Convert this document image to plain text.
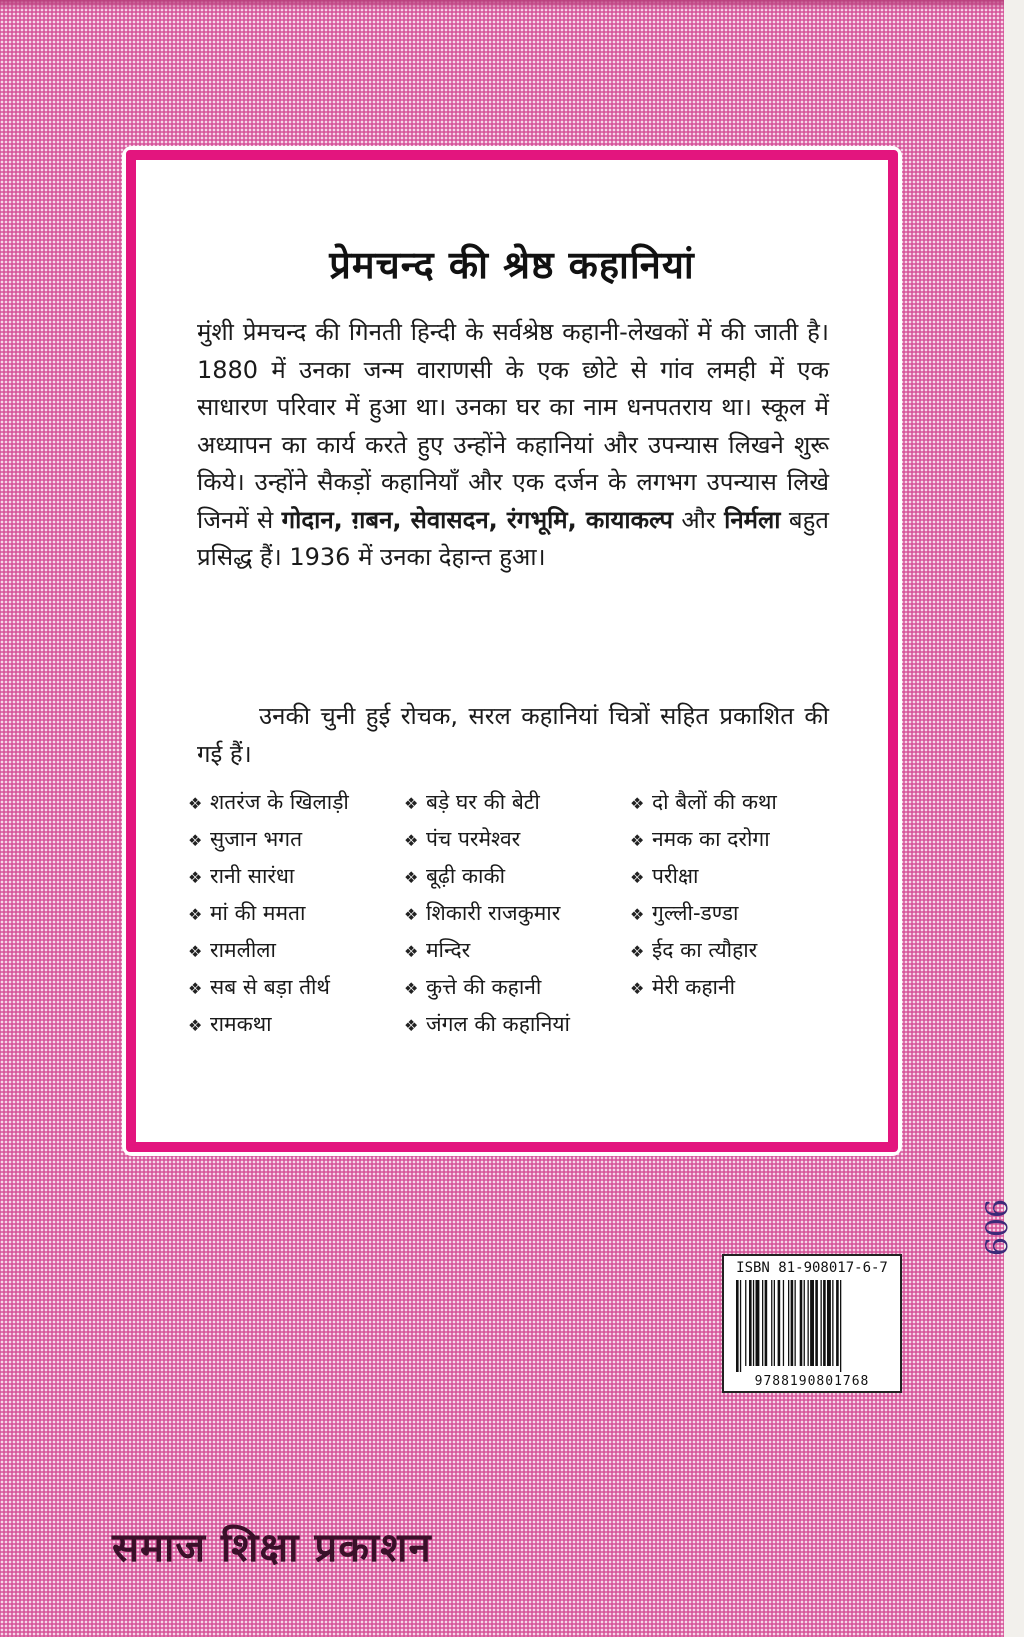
प्रेमचन्द की श्रेष्ठ कहानियां

मुंशी प्रेमचन्द की गिनती हिन्दी के सर्वश्रेष्ठ कहानी-लेखकों में की जाती है। 1880 में उनका जन्म वाराणसी के एक छोटे से गांव लमही में एक साधारण परिवार में हुआ था। उनका घर का नाम धनपतराय था। स्कूल में अध्यापन का कार्य करते हुए उन्होंने कहानियां और उपन्यास लिखने शुरू किये। उन्होंने सैकड़ों कहानियाँ और एक दर्जन के लगभग उपन्यास लिखे जिनमें से गोदान, ग़बन, सेवासदन, रंगभूमि, कायाकल्प और निर्मला बहुत प्रसिद्ध हैं। 1936 में उनका देहान्त हुआ।

उनकी चुनी हुई रोचक, सरल कहानियां चित्रों सहित प्रकाशित की गई हैं।

❖ शतरंज के खिलाड़ी
❖ सुजान भगत
❖ रानी सारंधा
❖ मां की ममता
❖ रामलीला
❖ सब से बड़ा तीर्थ
❖ रामकथा
❖ बड़े घर की बेटी
❖ पंच परमेश्वर
❖ बूढ़ी काकी
❖ शिकारी राजकुमार
❖ मन्दिर
❖ कुत्ते की कहानी
❖ जंगल की कहानियां
❖ दो बैलों की कथा
❖ नमक का दरोगा
❖ परीक्षा
❖ गुल्ली-डण्डा
❖ ईद का त्यौहार
❖ मेरी कहानी
909
ISBN 81-908017-6-7
9788190801768
समाज शिक्षा प्रकाशन
